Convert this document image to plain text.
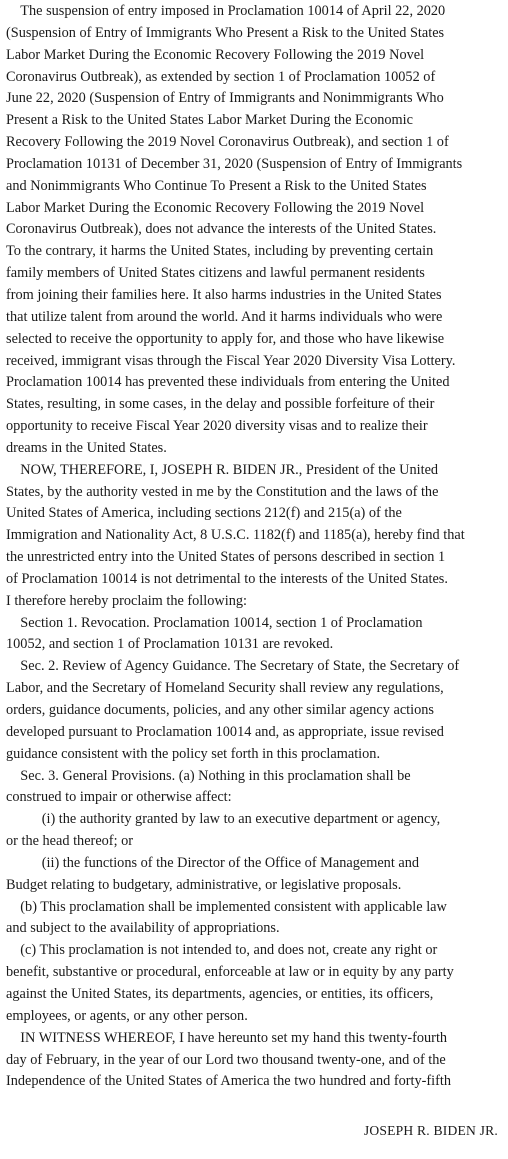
The suspension of entry imposed in Proclamation 10014 of April 22, 2020
(Suspension of Entry of Immigrants Who Present a Risk to the United States
Labor Market During the Economic Recovery Following the 2019 Novel
Coronavirus Outbreak), as extended by section 1 of Proclamation 10052 of
June 22, 2020 (Suspension of Entry of Immigrants and Nonimmigrants Who
Present a Risk to the United States Labor Market During the Economic
Recovery Following the 2019 Novel Coronavirus Outbreak), and section 1 of
Proclamation 10131 of December 31, 2020 (Suspension of Entry of Immigrants
and Nonimmigrants Who Continue To Present a Risk to the United States
Labor Market During the Economic Recovery Following the 2019 Novel
Coronavirus Outbreak), does not advance the interests of the United States.
To the contrary, it harms the United States, including by preventing certain
family members of United States citizens and lawful permanent residents
from joining their families here. It also harms industries in the United States
that utilize talent from around the world. And it harms individuals who were
selected to receive the opportunity to apply for, and those who have likewise
received, immigrant visas through the Fiscal Year 2020 Diversity Visa Lottery.
Proclamation 10014 has prevented these individuals from entering the United
States, resulting, in some cases, in the delay and possible forfeiture of their
opportunity to receive Fiscal Year 2020 diversity visas and to realize their
dreams in the United States.
NOW, THEREFORE, I, JOSEPH R. BIDEN JR., President of the United
States, by the authority vested in me by the Constitution and the laws of the
United States of America, including sections 212(f) and 215(a) of the
Immigration and Nationality Act, 8 U.S.C. 1182(f) and 1185(a), hereby find that
the unrestricted entry into the United States of persons described in section 1
of Proclamation 10014 is not detrimental to the interests of the United States.
I therefore hereby proclaim the following:
Section 1. Revocation. Proclamation 10014, section 1 of Proclamation
10052, and section 1 of Proclamation 10131 are revoked.
Sec. 2. Review of Agency Guidance. The Secretary of State, the Secretary of
Labor, and the Secretary of Homeland Security shall review any regulations,
orders, guidance documents, policies, and any other similar agency actions
developed pursuant to Proclamation 10014 and, as appropriate, issue revised
guidance consistent with the policy set forth in this proclamation.
Sec. 3. General Provisions. (a) Nothing in this proclamation shall be
construed to impair or otherwise affect:
(i) the authority granted by law to an executive department or agency,
or the head thereof; or
(ii) the functions of the Director of the Office of Management and
Budget relating to budgetary, administrative, or legislative proposals.
(b) This proclamation shall be implemented consistent with applicable law
and subject to the availability of appropriations.
(c) This proclamation is not intended to, and does not, create any right or
benefit, substantive or procedural, enforceable at law or in equity by any party
against the United States, its departments, agencies, or entities, its officers,
employees, or agents, or any other person.
IN WITNESS WHEREOF, I have hereunto set my hand this twenty-fourth
day of February, in the year of our Lord two thousand twenty-one, and of the
Independence of the United States of America the two hundred and forty-fifth
JOSEPH R. BIDEN JR.
